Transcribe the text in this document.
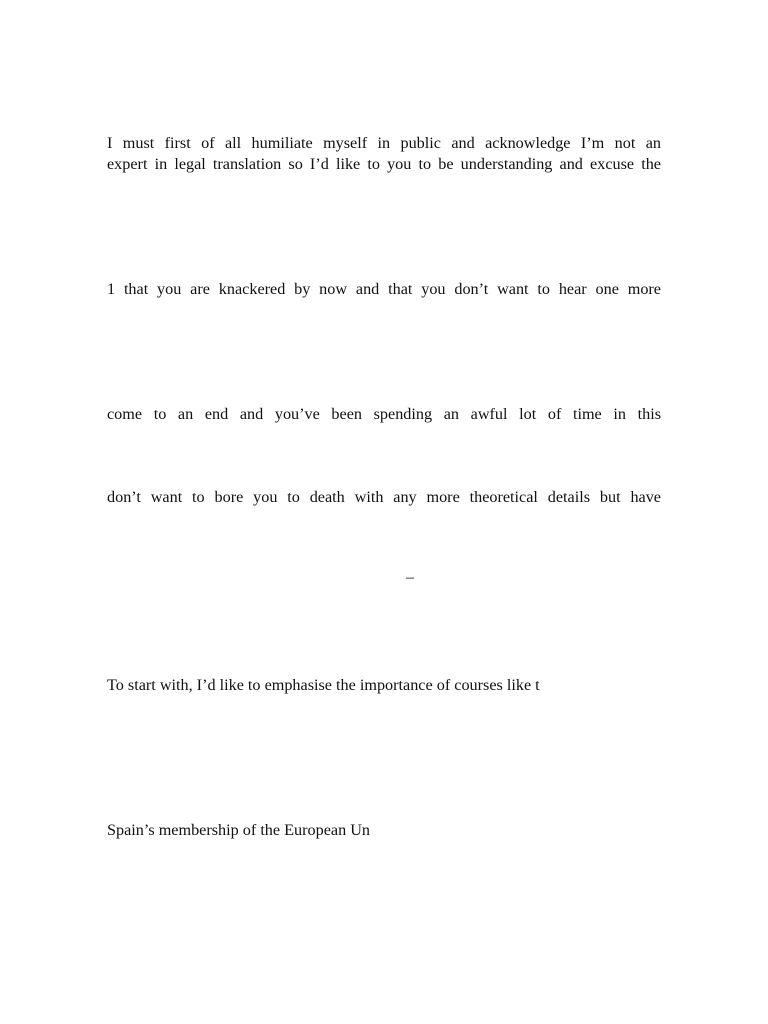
I must first of all humiliate myself in public and acknowledge I’m not an
expert in legal translation so I’d like to you to be understanding and excuse the
1 that you are knackered by now and that you don’t want to hear one more
come to an end and you’ve been spending an awful lot of time in this
don’t want to bore you to death with any more theoretical details but have
–
To start with, I’d like to emphasise the importance of courses like t
Spain’s membership of the European Un
